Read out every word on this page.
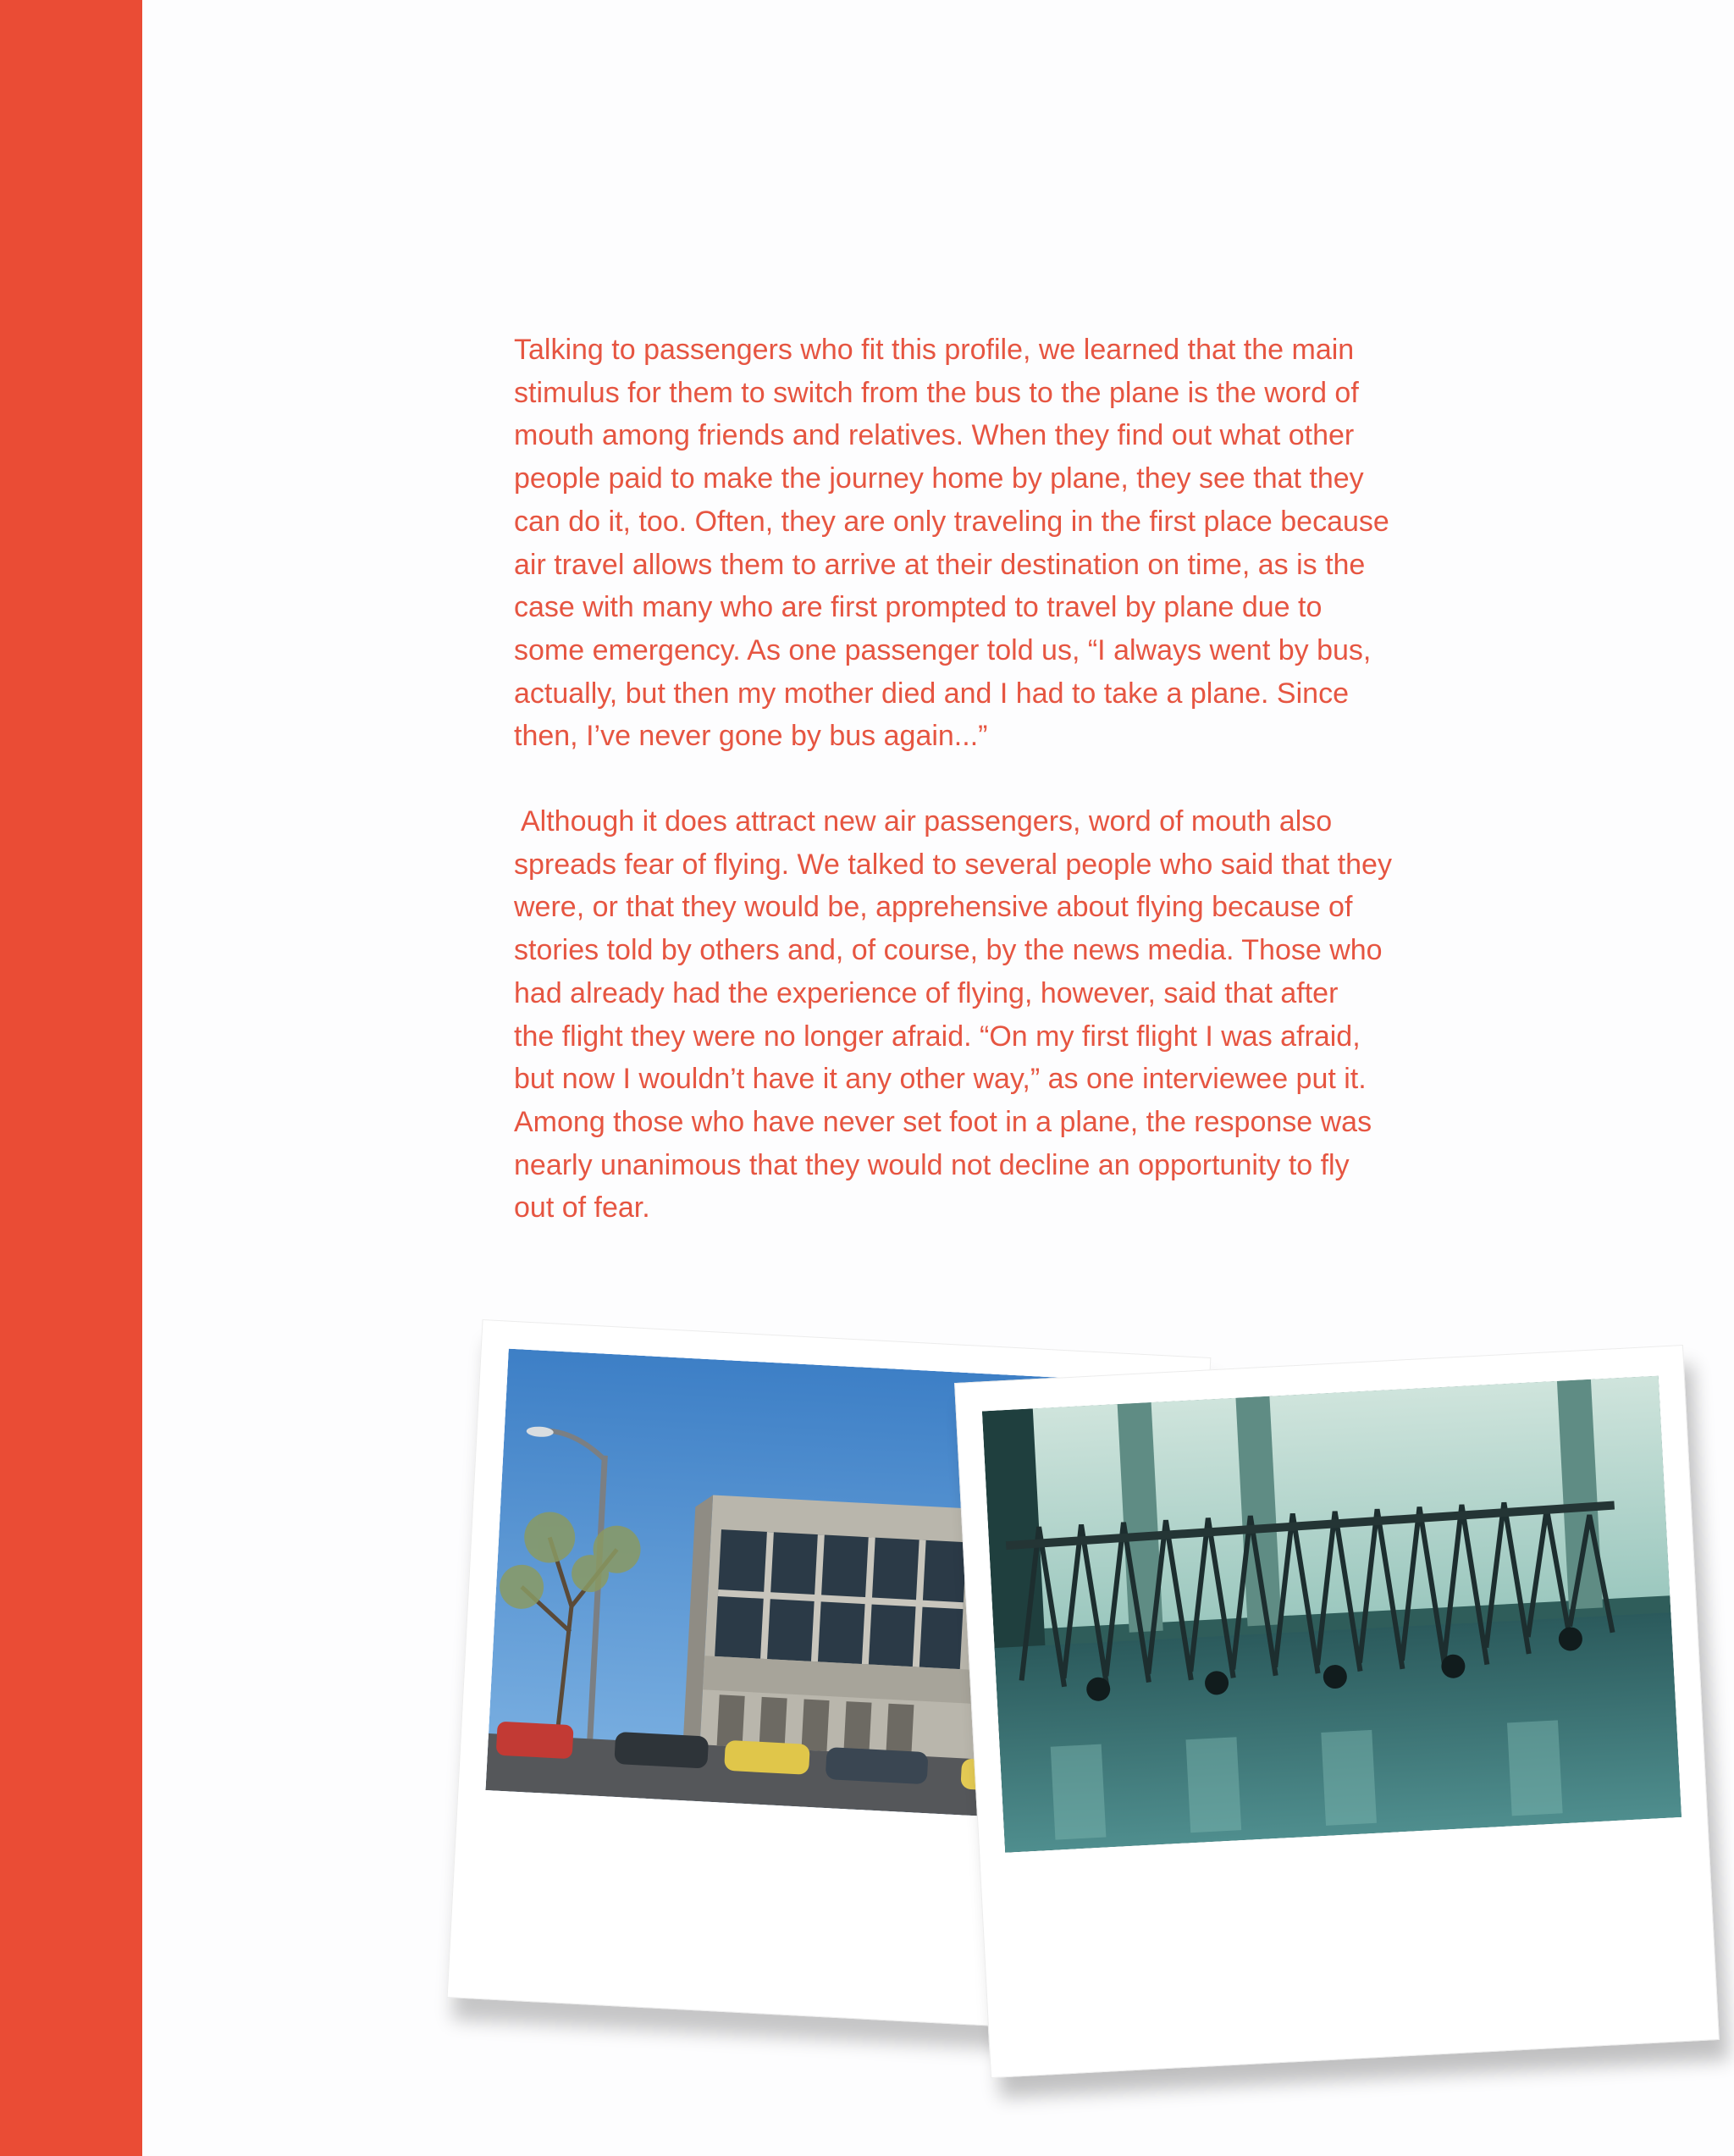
Talking to passengers who fit this profile, we learned that the main
stimulus for them to switch from the bus to the plane is the word of
mouth among friends and relatives. When they find out what other
people paid to make the journey home by plane, they see that they
can do it, too. Often, they are only traveling in the first place because
air travel allows them to arrive at their destination on time, as is the
case with many who are first prompted to travel by plane due to
some emergency. As one passenger told us, “I always went by bus,
actually, but then my mother died and I had to take a plane. Since
then, I’ve never gone by bus again...”

Although it does attract new air passengers, word of mouth also
spreads fear of flying. We talked to several people who said that they
were, or that they would be, apprehensive about flying because of
stories told by others and, of course, by the news media. Those who
had already had the experience of flying, however, said that after
the flight they were no longer afraid. “On my first flight I was afraid,
but now I wouldn’t have it any other way,” as one interviewee put it.
Among those who have never set foot in a plane, the response was
nearly unanimous that they would not decline an opportunity to fly
out of fear.
